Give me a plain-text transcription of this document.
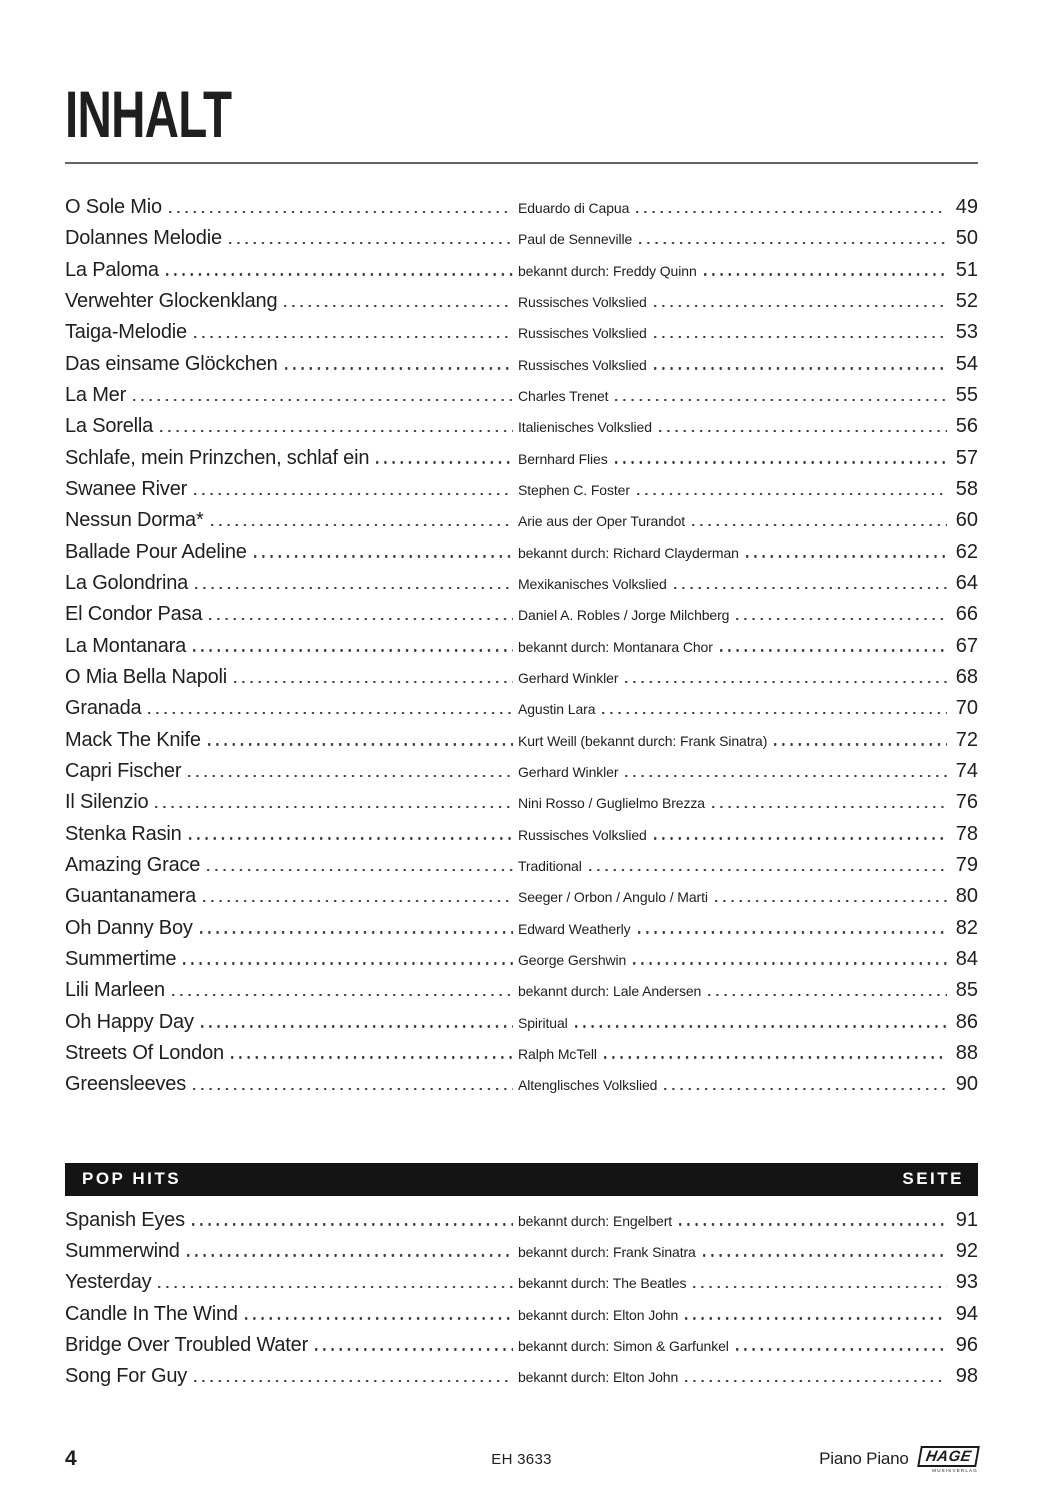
INHALT
O Sole Mio	Eduardo di Capua	49
Dolannes Melodie	Paul de Senneville	50
La Paloma	bekannt durch: Freddy Quinn	51
Verwehter Glockenklang	Russisches Volkslied	52
Taiga-Melodie	Russisches Volkslied	53
Das einsame Glöckchen	Russisches Volkslied	54
La Mer	Charles Trenet	55
La Sorella	Italienisches Volkslied	56
Schlafe, mein Prinzchen, schlaf ein	Bernhard Flies	57
Swanee River	Stephen C. Foster	58
Nessun Dorma*	Arie aus der Oper Turandot	60
Ballade Pour Adeline	bekannt durch: Richard Clayderman	62
La Golondrina	Mexikanisches Volkslied	64
El Condor Pasa	Daniel A. Robles / Jorge Milchberg	66
La Montanara	bekannt durch: Montanara Chor	67
O Mia Bella Napoli	Gerhard Winkler	68
Granada	Agustin Lara	70
Mack The Knife	Kurt Weill (bekannt durch: Frank Sinatra)	72
Capri Fischer	Gerhard Winkler	74
Il Silenzio	Nini Rosso / Guglielmo Brezza	76
Stenka Rasin	Russisches Volkslied	78
Amazing Grace	Traditional	79
Guantanamera	Seeger / Orbon / Angulo / Marti	80
Oh Danny Boy	Edward Weatherly	82
Summertime	George Gershwin	84
Lili Marleen	bekannt durch: Lale Andersen	85
Oh Happy Day	Spiritual	86
Streets Of London	Ralph McTell	88
Greensleeves	Altenglisches Volkslied	90
POP HITS	SEITE
Spanish Eyes	bekannt durch: Engelbert	91
Summerwind	bekannt durch: Frank Sinatra	92
Yesterday	bekannt durch: The Beatles	93
Candle In The Wind	bekannt durch: Elton John	94
Bridge Over Troubled Water	bekannt durch: Simon & Garfunkel	96
Song For Guy	bekannt durch: Elton John	98
4	EH 3633	Piano Piano	HAGE
MUSIKVERLAG
